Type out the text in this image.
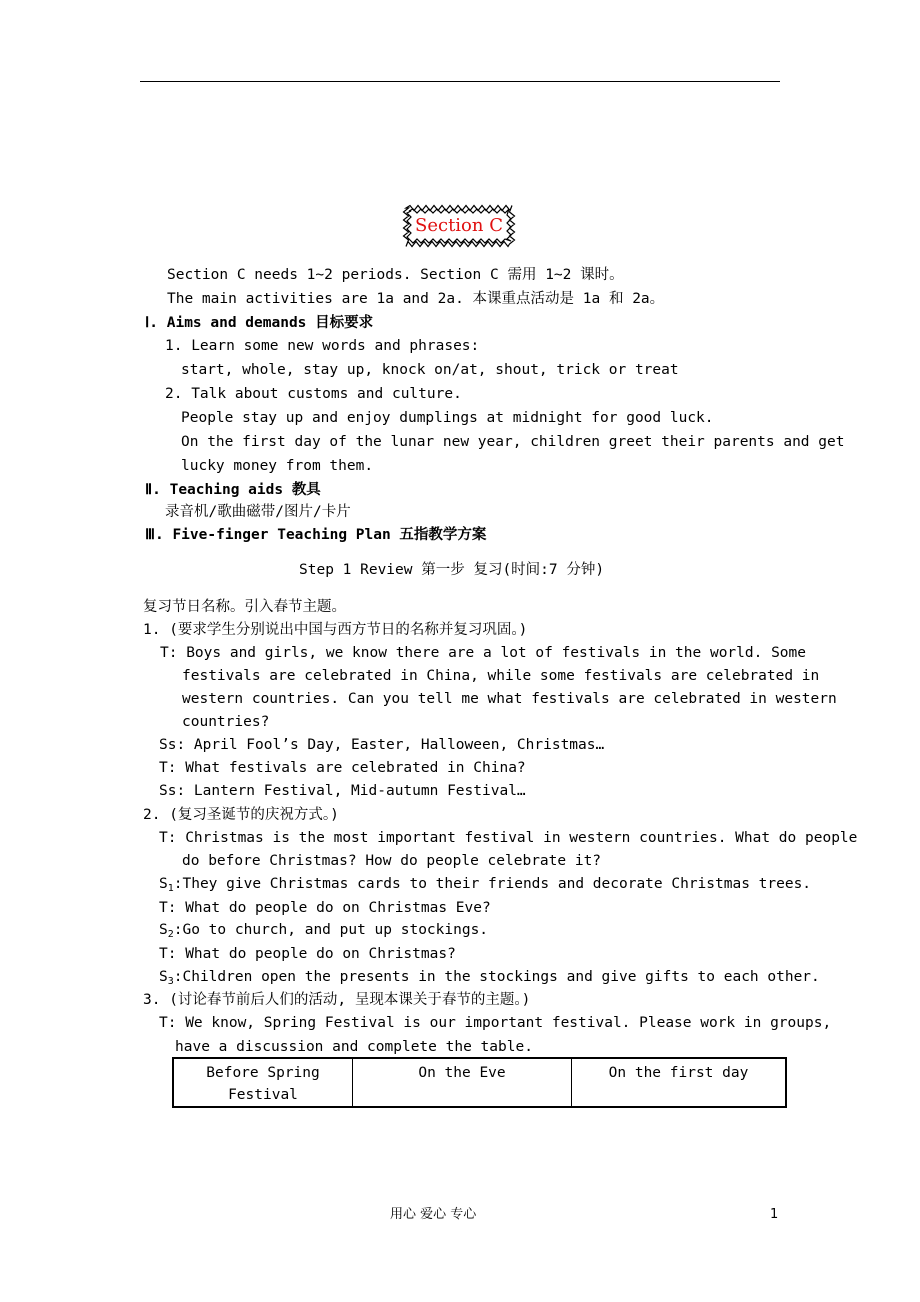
Section C
Section C needs 1~2 periods. Section C 需用 1~2 课时。
The main activities are 1a and 2a. 本课重点活动是 1a 和 2a。
Ⅰ. Aims and demands 目标要求
1. Learn some new words and phrases:
start, whole, stay up, knock on/at, shout, trick or treat
2. Talk about customs and culture.
People stay up and enjoy dumplings at midnight for good luck.
On the first day of the lunar new year, children greet their parents and get
lucky money from them.
Ⅱ. Teaching aids 教具
录音机/歌曲磁带/图片/卡片
Ⅲ. Five-finger Teaching Plan 五指教学方案
Step 1 Review 第一步 复习(时间:7 分钟)
复习节日名称。引入春节主题。
1. (要求学生分别说出中国与西方节日的名称并复习巩固。)
T: Boys and girls, we know there are a lot of festivals in the world. Some
festivals are celebrated in China, while some festivals are celebrated in
western countries. Can you tell me what festivals are celebrated in western
countries?
Ss: April Fool’s Day, Easter, Halloween, Christmas…
T: What festivals are celebrated in China?
Ss: Lantern Festival, Mid-autumn Festival…
2. (复习圣诞节的庆祝方式。)
T: Christmas is the most important festival in western countries. What do people
do before Christmas? How do people celebrate it?
$S_1:They$ give Christmas cards to their friends and decorate Christmas trees.
T: What do people do on Christmas Eve?
$S_2:Go$ to church, and put up stockings.
T: What do people do on Christmas?
$S_3:Children$ open the presents in the stockings and give gifts to each other.
3. (讨论春节前后人们的活动, 呈现本课关于春节的主题。)
T: We know, Spring Festival is our important festival. Please work in groups,
have a discussion and complete the table.
Before Spring
Festival	On the Eve	On the first day
用心 爱心 专心	1
